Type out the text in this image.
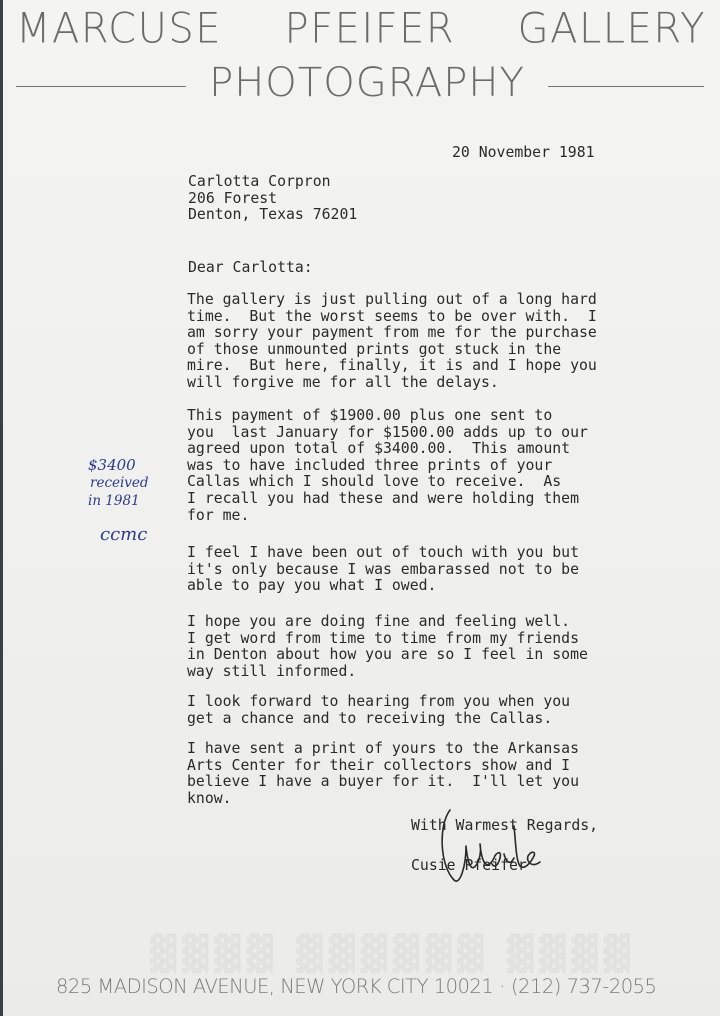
MARCUSE PFEIFER GALLERY
PHOTOGRAPHY
20 November 1981
Carlotta Corpron
206 Forest
Denton, Texas 76201
Dear Carlotta:
The gallery is just pulling out of a long hard
time.  But the worst seems to be over with.  I
am sorry your payment from me for the purchase
of those unmounted prints got stuck in the
mire.  But here, finally, it is and I hope you
will forgive me for all the delays.
This payment of $1900.00 plus one sent to
you  last January for $1500.00 adds up to our
agreed upon total of $3400.00.  This amount
was to have included three prints of your
Callas which I should love to receive.  As
I recall you had these and were holding them
for me.
I feel I have been out of touch with you but
it's only because I was embarassed not to be
able to pay you what I owed.
I hope you are doing fine and feeling well.
I get word from time to time from my friends
in Denton about how you are so I feel in some
way still informed.
I look forward to hearing from you when you
get a chance and to receiving the Callas.
I have sent a print of yours to the Arkansas
Arts Center for their collectors show and I
believe I have a buyer for it.  I'll let you
know.
With Warmest Regards,
Cusie Pfeifer
$3400
received
in 1981
ccmc
▓▓▓▓ ▓▓▓▓▓▓ ▓▓▓▓
825 MADISON AVENUE, NEW YORK CITY 10021 · (212) 737-2055
